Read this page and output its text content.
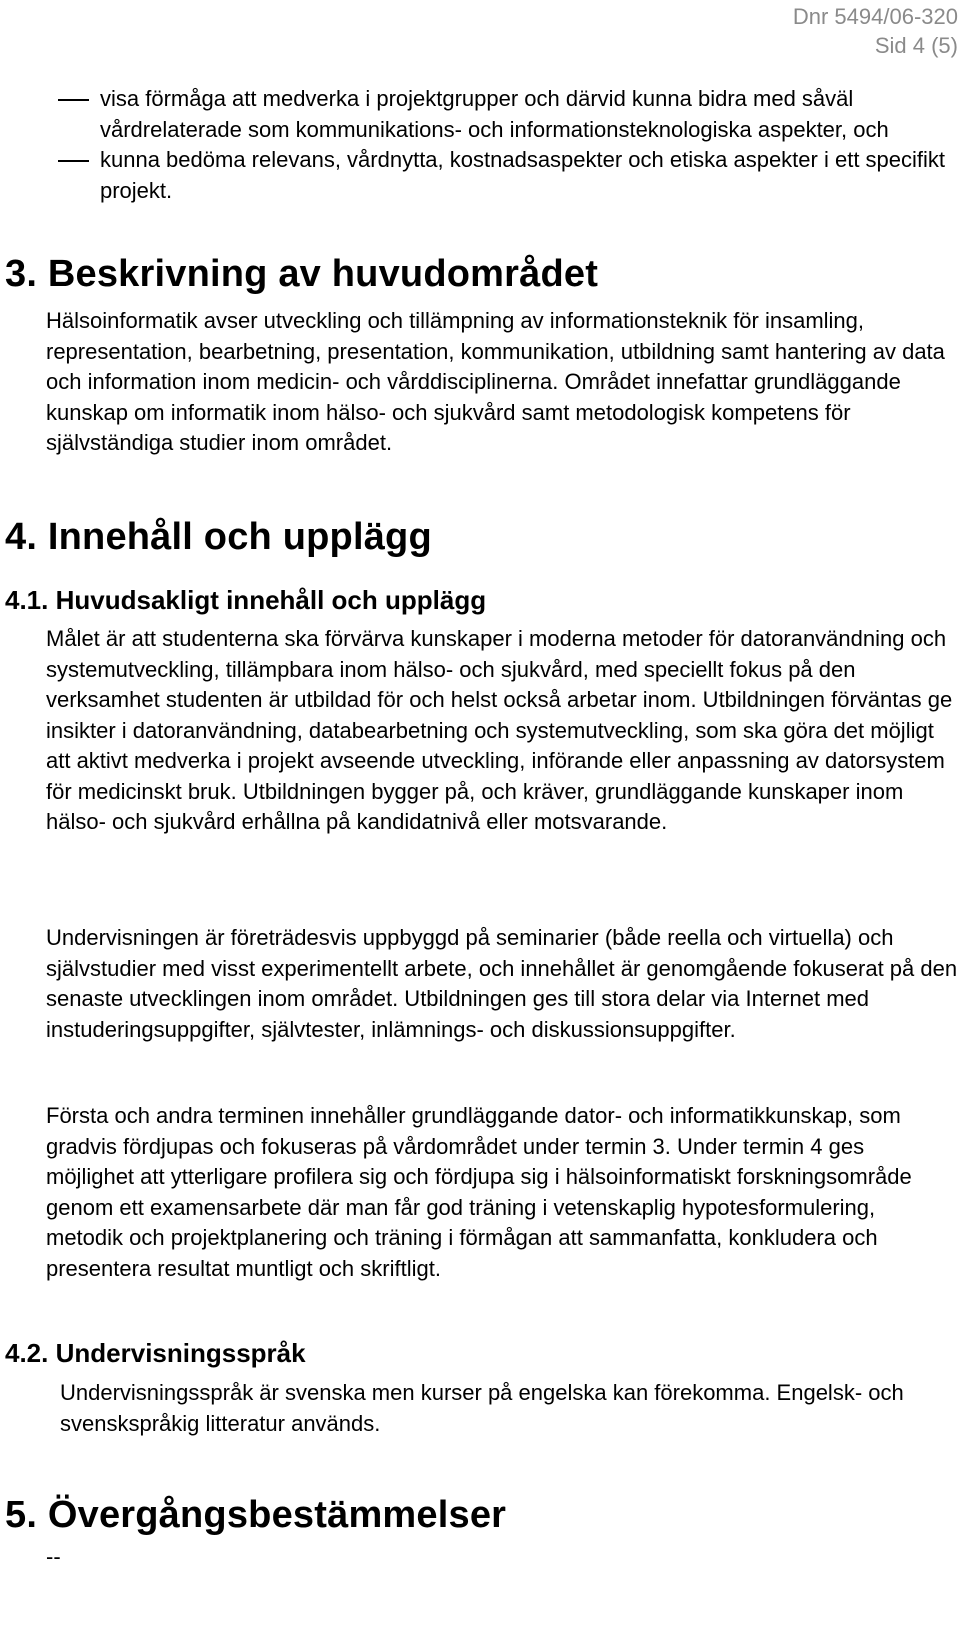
Dnr 5494/06-320
Sid 4 (5)
visa förmåga att medverka i projektgrupper och därvid kunna bidra med såväl vårdrelaterade som kommunikations- och informationsteknologiska aspekter, och
kunna bedöma relevans, vårdnytta, kostnadsaspekter och etiska aspekter i ett specifikt projekt.
3. Beskrivning av huvudområdet
Hälsoinformatik avser utveckling och tillämpning av informationsteknik för insamling, representation, bearbetning, presentation, kommunikation, utbildning samt hantering av data och information inom medicin- och vårddisciplinerna. Området innefattar grundläggande kunskap om informatik inom hälso- och sjukvård samt metodologisk kompetens för självständiga studier inom området.
4. Innehåll och upplägg
4.1. Huvudsakligt innehåll och upplägg
Målet är att studenterna ska förvärva kunskaper i moderna metoder för datoranvändning och systemutveckling, tillämpbara inom hälso- och sjukvård, med speciellt fokus på den verksamhet studenten är utbildad för och helst också arbetar inom. Utbildningen förväntas ge insikter i datoranvändning, databearbetning och systemutveckling, som ska göra det möjligt att aktivt medverka i projekt avseende utveckling, införande eller anpassning av datorsystem för medicinskt bruk. Utbildningen bygger på, och kräver, grundläggande kunskaper inom hälso- och sjukvård erhållna på kandidatnivå eller motsvarande.
Undervisningen är företrädesvis uppbyggd på seminarier (både reella och virtuella) och självstudier med visst experimentellt arbete, och innehållet är genomgående fokuserat på den senaste utvecklingen inom området. Utbildningen ges till stora delar via Internet med instuderingsuppgifter, självtester, inlämnings- och diskussionsuppgifter.
Första och andra terminen innehåller grundläggande dator- och informatikkunskap, som gradvis fördjupas och fokuseras på vårdområdet under termin 3. Under termin 4 ges möjlighet att ytterligare profilera sig och fördjupa sig i hälsoinformatiskt forskningsområde genom ett examensarbete där man får god träning i vetenskaplig hypotesformulering, metodik och projektplanering och träning i förmågan att sammanfatta, konkludera och presentera resultat muntligt och skriftligt.
4.2. Undervisningsspråk
Undervisningsspråk är svenska men kurser på engelska kan förekomma. Engelsk- och svenskspråkig litteratur används.
5. Övergångsbestämmelser
--
